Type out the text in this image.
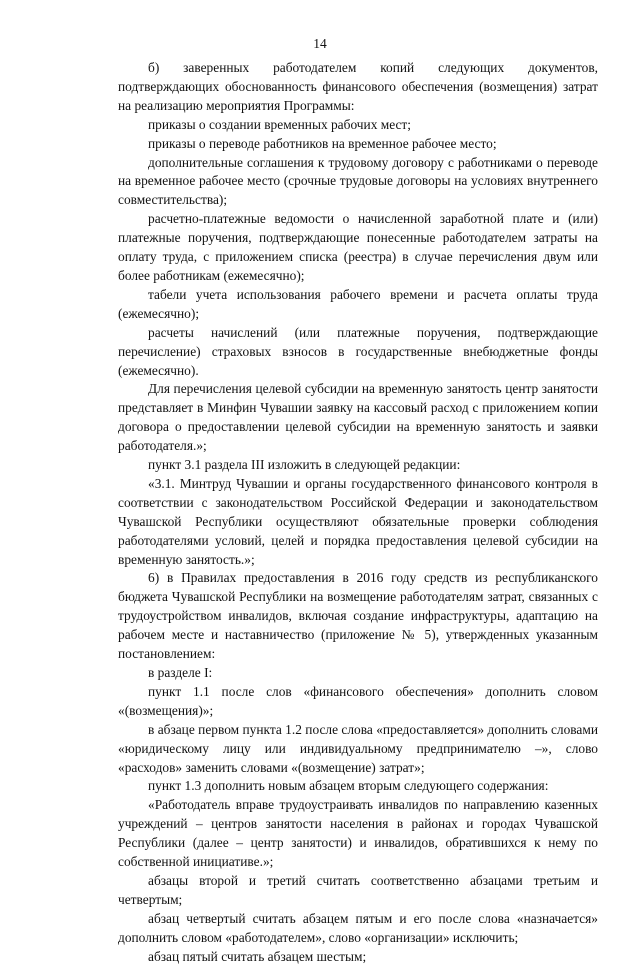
14

б) заверенных работодателем копий следующих документов, подтверждающих обоснованность финансового обеспечения (возмещения) затрат на реализацию мероприятия Программы:

приказы о создании временных рабочих мест;

приказы о переводе работников на временное рабочее место;

дополнительные соглашения к трудовому договору с работниками о переводе на временное рабочее место (срочные трудовые договоры на условиях внутреннего совместительства);

расчетно-платежные ведомости о начисленной заработной плате и (или) платежные поручения, подтверждающие понесенные работодателем затраты на оплату труда, с приложением списка (реестра) в случае перечисления двум или более работникам (ежемесячно);

табели учета использования рабочего времени и расчета оплаты труда (ежемесячно);

расчеты начислений (или платежные поручения, подтверждающие перечисление) страховых взносов в государственные внебюджетные фонды (ежемесячно).

Для перечисления целевой субсидии на временную занятость центр занятости представляет в Минфин Чувашии заявку на кассовый расход с приложением копии договора о предоставлении целевой субсидии на временную занятость и заявки работодателя.»;

пункт 3.1 раздела III изложить в следующей редакции:

«3.1. Минтруд Чувашии и органы государственного финансового контроля в соответствии с законодательством Российской Федерации и законодательством Чувашской Республики осуществляют обязательные проверки соблюдения работодателями условий, целей и порядка предоставления целевой субсидии на временную занятость.»;

6) в Правилах предоставления в 2016 году средств из республиканского бюджета Чувашской Республики на возмещение работодателям затрат, связанных с трудоустройством инвалидов, включая создание инфраструктуры, адаптацию на рабочем месте и наставничество (приложение № 5), утвержденных указанным постановлением:

в разделе I:

пункт 1.1 после слов «финансового обеспечения» дополнить словом «(возмещения)»;

в абзаце первом пункта 1.2 после слова «предоставляется» дополнить словами «юридическому лицу или индивидуальному предпринимателю –», слово «расходов» заменить словами «(возмещение) затрат»;

пункт 1.3 дополнить новым абзацем вторым следующего содержания:

«Работодатель вправе трудоустраивать инвалидов по направлению казенных учреждений – центров занятости населения в районах и городах Чувашской Республики (далее – центр занятости) и инвалидов, обратившихся к нему по собственной инициативе.»;

абзацы второй и третий считать соответственно абзацами третьим и четвертым;

абзац четвертый считать абзацем пятым и его после слова «назначается» дополнить словом «работодателем», слово «организации» исключить;

абзац пятый считать абзацем шестым;
